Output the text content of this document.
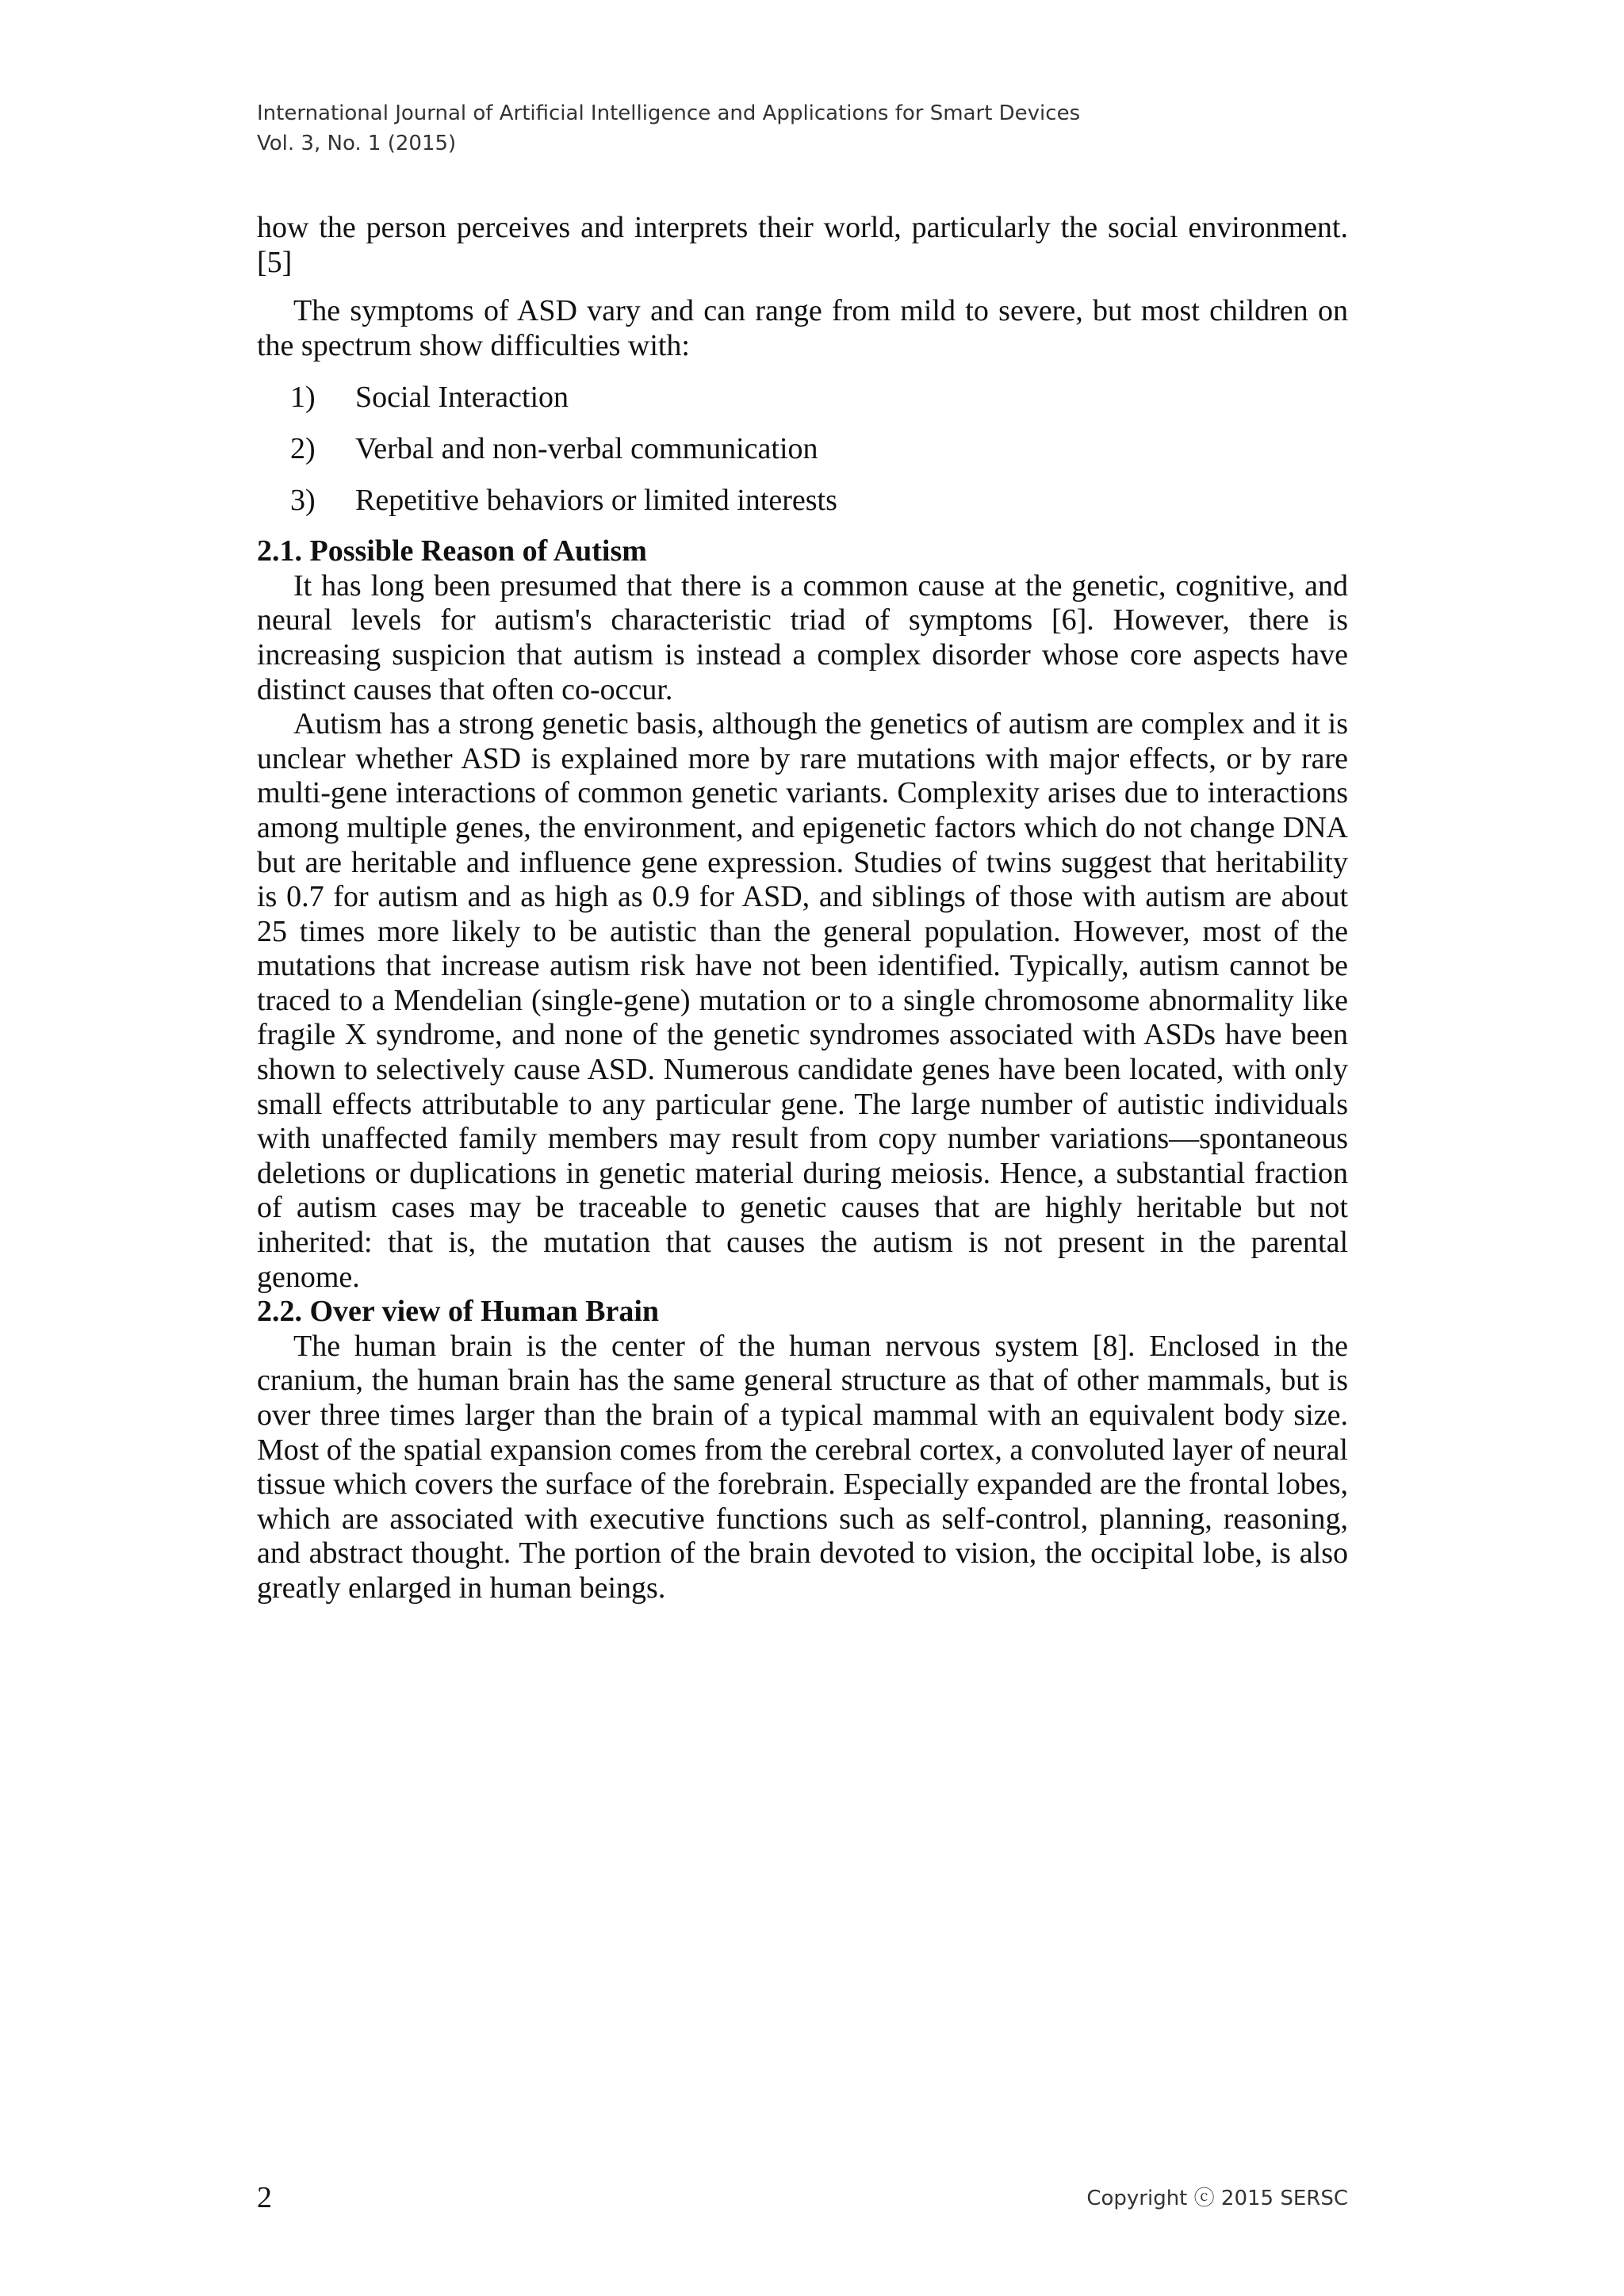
International Journal of Artificial Intelligence and Applications for Smart Devices
Vol. 3, No. 1 (2015)

how the person perceives and interprets their world, particularly the social environment. [5]

The symptoms of ASD vary and can range from mild to severe, but most children on the spectrum show difficulties with:

1)	Social Interaction
2)	Verbal and non-verbal communication
3)	Repetitive behaviors or limited interests

2.1. Possible Reason of Autism

It has long been presumed that there is a common cause at the genetic, cognitive, and neural levels for autism's characteristic triad of symptoms [6]. However, there is increasing suspicion that autism is instead a complex disorder whose core aspects have distinct causes that often co-occur.

Autism has a strong genetic basis, although the genetics of autism are complex and it is unclear whether ASD is explained more by rare mutations with major effects, or by rare multi-gene interactions of common genetic variants. Complexity arises due to interactions among multiple genes, the environment, and epigenetic factors which do not change DNA but are heritable and influence gene expression. Studies of twins suggest that heritability is 0.7 for autism and as high as 0.9 for ASD, and siblings of those with autism are about 25 times more likely to be autistic than the general population. However, most of the mutations that increase autism risk have not been identified. Typically, autism cannot be traced to a Mendelian (single-gene) mutation or to a single chromosome abnormality like fragile X syndrome, and none of the genetic syndromes associated with ASDs have been shown to selectively cause ASD. Numerous candidate genes have been located, with only small effects attributable to any particular gene. The large number of autistic individuals with unaffected family members may result from copy number variations—spontaneous deletions or duplications in genetic material during meiosis. Hence, a substantial fraction of autism cases may be traceable to genetic causes that are highly heritable but not inherited: that is, the mutation that causes the autism is not present in the parental genome.

2.2. Over view of Human Brain

The human brain is the center of the human nervous system [8]. Enclosed in the cranium, the human brain has the same general structure as that of other mammals, but is over three times larger than the brain of a typical mammal with an equivalent body size. Most of the spatial expansion comes from the cerebral cortex, a convoluted layer of neural tissue which covers the surface of the forebrain. Especially expanded are the frontal lobes, which are associated with executive functions such as self-control, planning, reasoning, and abstract thought. The portion of the brain devoted to vision, the occipital lobe, is also greatly enlarged in human beings.

2	Copyright ⓒ 2015 SERSC
